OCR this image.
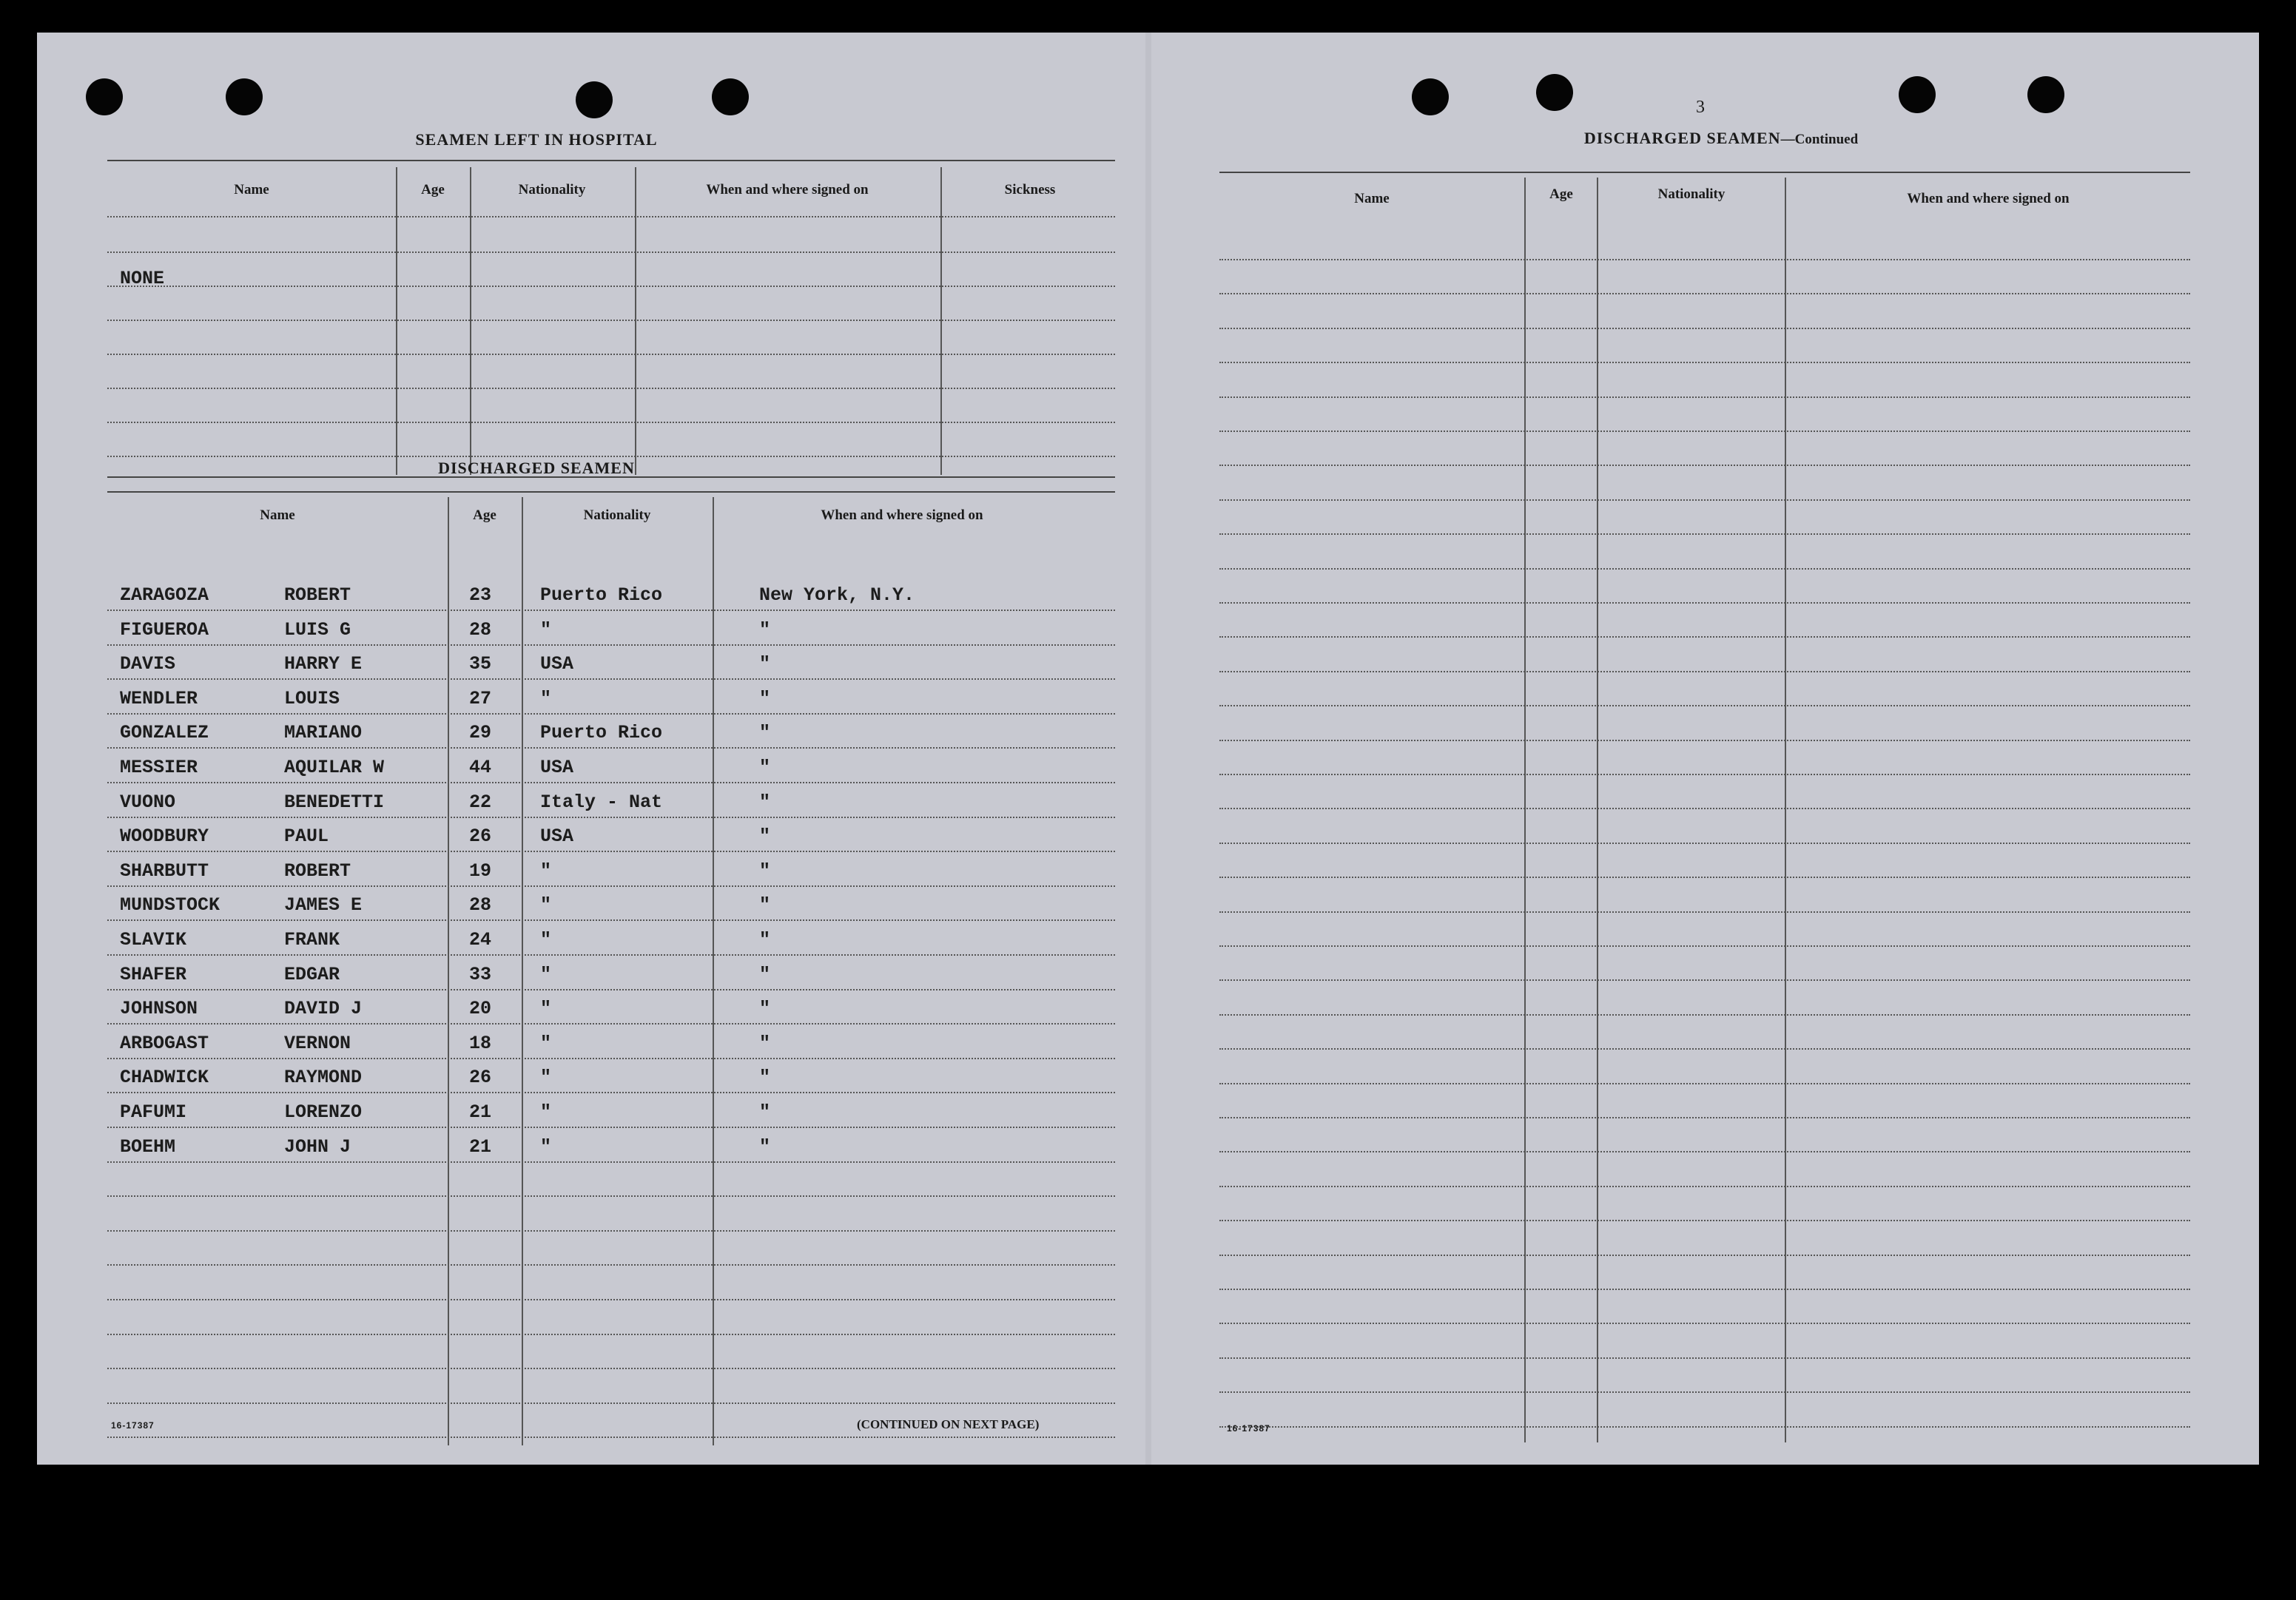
SEAMEN LEFT IN HOSPITAL
Name	Age	Nationality	When and where signed on	Sickness
NONE
DISCHARGED SEAMEN
Name	Age	Nationality	When and where signed on
ZARAGOZA	ROBERT	23	Puerto Rico	New York, N.Y.
FIGUEROA	LUIS G	28	"	"
DAVIS	HARRY E	35	USA	"
WENDLER	LOUIS	27	"	"
GONZALEZ	MARIANO	29	Puerto Rico	"
MESSIER	AQUILAR W	44	USA	"
VUONO	BENEDETTI	22	Italy - Nat	"
WOODBURY	PAUL	26	USA	"
SHARBUTT	ROBERT	19	"	"
MUNDSTOCK	JAMES E	28	"	"
SLAVIK	FRANK	24	"	"
SHAFER	EDGAR	33	"	"
JOHNSON	DAVID J	20	"	"
ARBOGAST	VERNON	18	"	"
CHADWICK	RAYMOND	26	"	"
PAFUMI	LORENZO	21	"	"
BOEHM	JOHN J	21	"	"
16-17387	(CONTINUED ON NEXT PAGE)
3
DISCHARGED SEAMEN—Continued
Name	Age	Nationality	When and where signed on
16-17387
